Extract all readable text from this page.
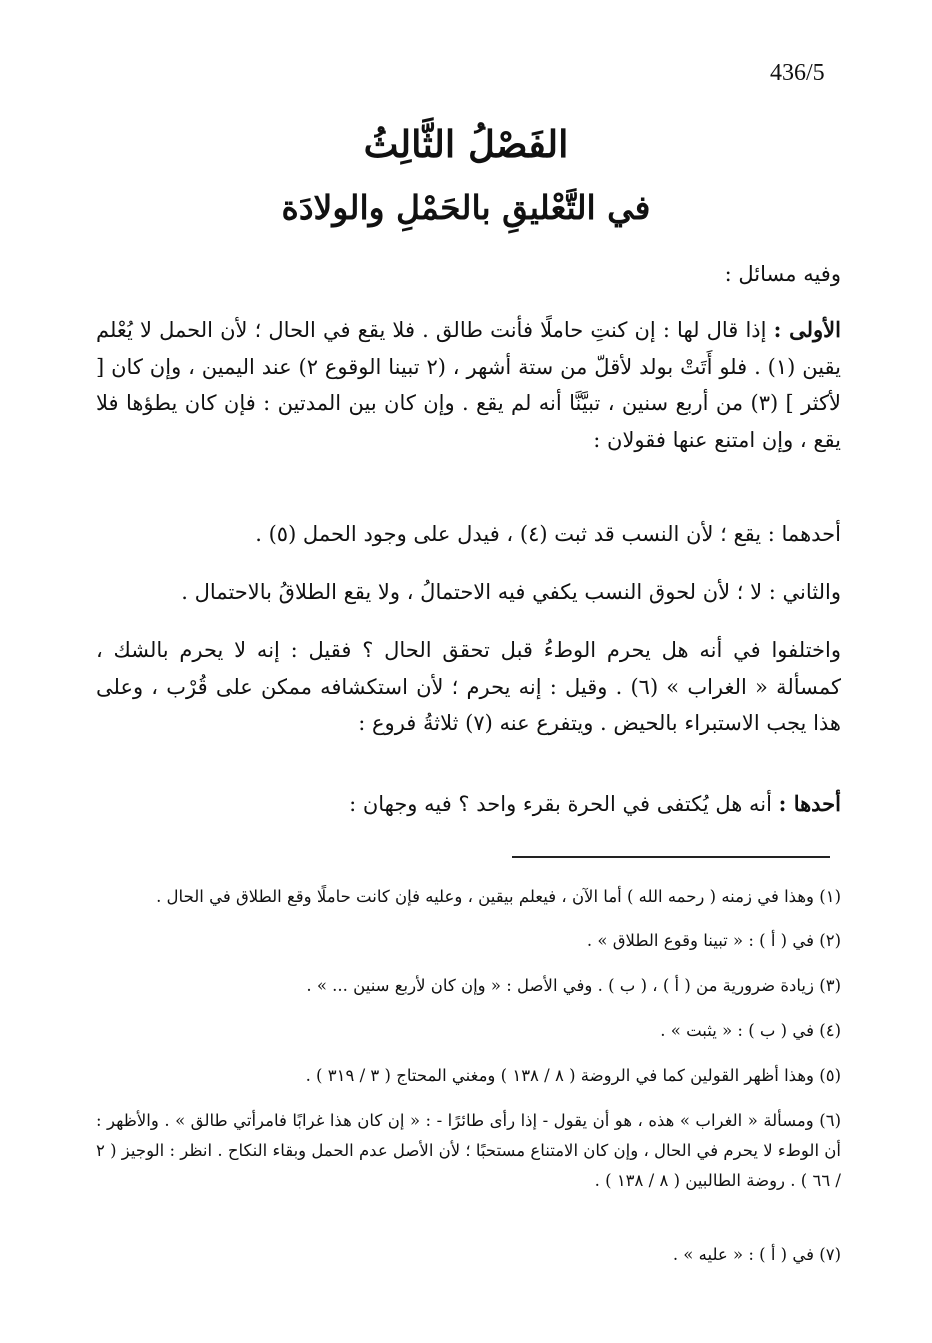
436/5
الفَصْلُ الثَّالِثُ
في التَّعْليقِ بالحَمْلِ والولادَة

وفيه مسائل :

الأولى : إذا قال لها : إن كنتِ حاملًا فأنت طالق . فلا يقع في الحال ؛ لأن الحمل لا يُعْلم يقين (١) . فلو أَتَتْ بولد لأقلّ من ستة أشهر ، (٢ تبينا الوقوع ٢) عند اليمين ، وإن كان [ لأكثر ] (٣) من أربع سنين ، تبيَّنَّا أنه لم يقع . وإن كان بين المدتين : فإن كان يطؤها فلا يقع ، وإن امتنع عنها فقولان :

أحدهما : يقع ؛ لأن النسب قد ثبت (٤) ، فيدل على وجود الحمل (٥) .

والثاني : لا ؛ لأن لحوق النسب يكفي فيه الاحتمالُ ، ولا يقع الطلاقُ بالاحتمال .

واختلفوا في أنه هل يحرم الوطءُ قبل تحقق الحال ؟ فقيل : إنه لا يحرم بالشك ، كمسألة « الغراب » (٦) . وقيل : إنه يحرم ؛ لأن استكشافه ممكن على قُرْب ، وعلى هذا يجب الاستبراء بالحيض . ويتفرع عنه (٧) ثلاثةُ فروع :

أحدها : أنه هل يُكتفى في الحرة بقرء واحد ؟ فيه وجهان :

(١) وهذا في زمنه ( رحمه الله ) أما الآن ، فيعلم بيقين ، وعليه فإن كانت حاملًا وقع الطلاق في الحال .

(٢) في ( أ ) : « تبينا وقوع الطلاق » .

(٣) زيادة ضرورية من ( أ ) ، ( ب ) . وفي الأصل : « وإن كان لأربع سنين ... » .

(٤) في ( ب ) : « يثبت » .

(٥) وهذا أظهر القولين كما في الروضة ( ٨ / ١٣٨ ) ومغني المحتاج ( ٣ / ٣١٩ ) .

(٦) ومسألة « الغراب » هذه ، هو أن يقول - إذا رأى طائرًا - : « إن كان هذا غرابًا فامرأتي طالق » . والأظهر : أن الوطء لا يحرم في الحال ، وإن كان الامتناع مستحبًا ؛ لأن الأصل عدم الحمل وبقاء النكاح . انظر : الوجيز ( ٢ / ٦٦ ) . روضة الطالبين ( ٨ / ١٣٨ ) .

(٧) في ( أ ) : « عليه » .
